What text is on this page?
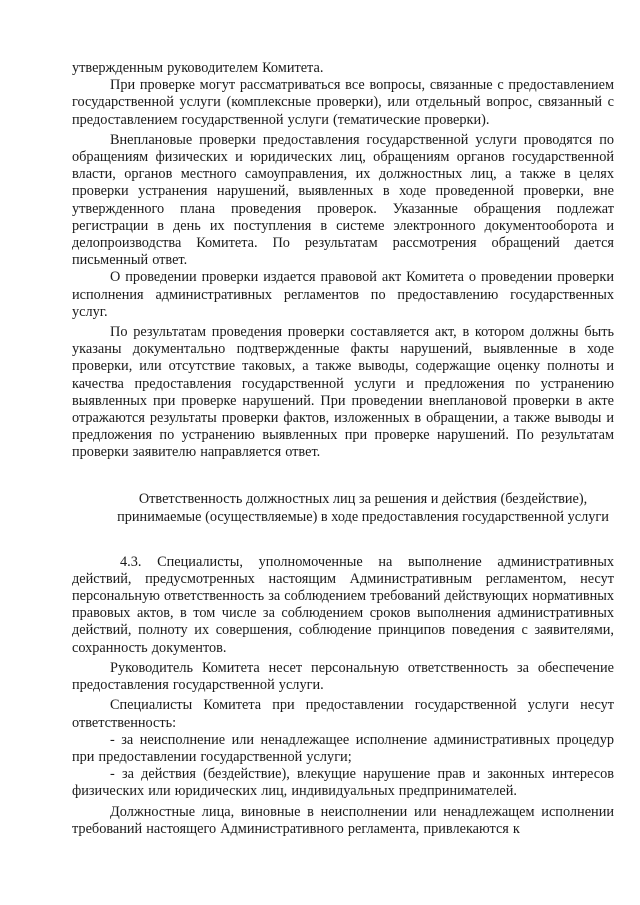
утвержденным руководителем Комитета.

При проверке могут рассматриваться все вопросы, связанные с предоставлением государственной услуги (комплексные проверки), или отдельный вопрос, связанный с предоставлением государственной услуги (тематические проверки).

Внеплановые проверки предоставления государственной услуги проводятся по обращениям физических и юридических лиц, обращениям органов государственной власти, органов местного самоуправления, их должностных лиц, а также в целях проверки устранения нарушений, выявленных в ходе проведенной проверки, вне утвержденного плана проведения проверок. Указанные обращения подлежат регистрации в день их поступления в системе электронного документооборота и делопроизводства Комитета. По результатам рассмотрения обращений дается письменный ответ.

О проведении проверки издается правовой акт Комитета о проведении проверки исполнения административных регламентов по предоставлению государственных услуг.

По результатам проведения проверки составляется акт, в котором должны быть указаны документально подтвержденные факты нарушений, выявленные в ходе проверки, или отсутствие таковых, а также выводы, содержащие оценку полноты и качества предоставления государственной услуги и предложения по устранению выявленных при проверке нарушений. При проведении внеплановой проверки в акте отражаются результаты проверки фактов, изложенных в обращении, а также выводы и предложения по устранению выявленных при проверке нарушений. По результатам проверки заявителю направляется ответ.

Ответственность должностных лиц за решения и действия (бездействие), принимаемые (осуществляемые) в ходе предоставления государственной услуги

4.3. Специалисты, уполномоченные на выполнение административных действий, предусмотренных настоящим Административным регламентом, несут персональную ответственность за соблюдением требований действующих нормативных правовых актов, в том числе за соблюдением сроков выполнения административных действий, полноту их совершения, соблюдение принципов поведения с заявителями, сохранность документов.

Руководитель Комитета несет персональную ответственность за обеспечение предоставления государственной услуги.

Специалисты Комитета при предоставлении государственной услуги несут ответственность:

- за неисполнение или ненадлежащее исполнение административных процедур при предоставлении государственной услуги;

- за действия (бездействие), влекущие нарушение прав и законных интересов физических или юридических лиц, индивидуальных предпринимателей.

Должностные лица, виновные в неисполнении или ненадлежащем исполнении требований настоящего Административного регламента, привлекаются к
